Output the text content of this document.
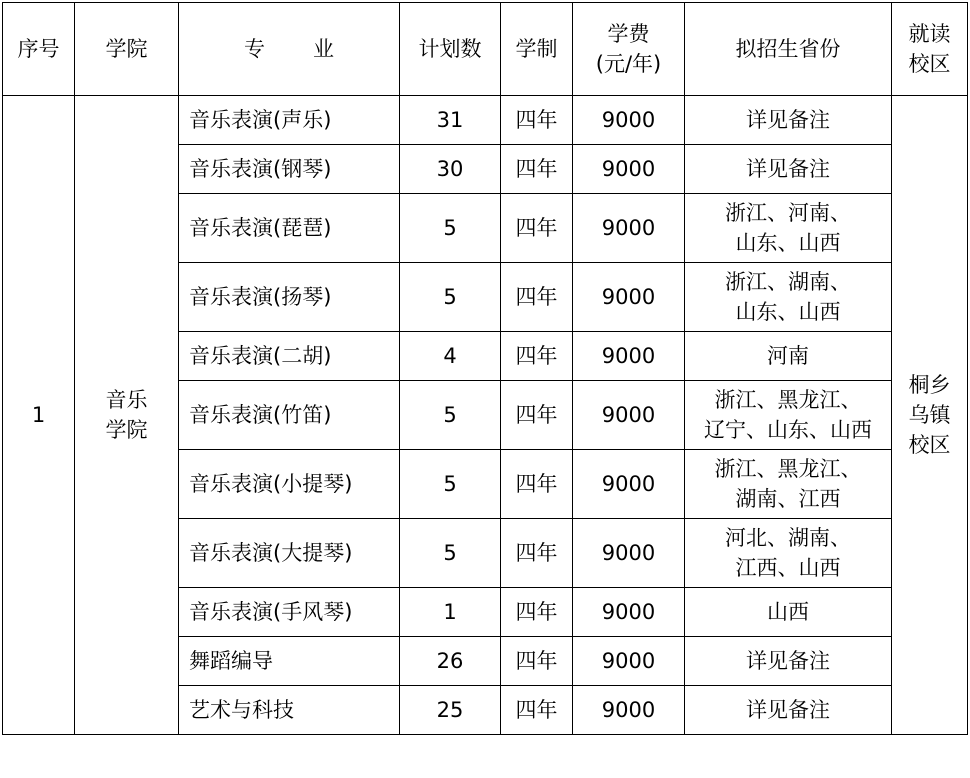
序号	学院	专 业	计划数	学制	学费
(元/年)	拟招生省份	就读
校区

1	音乐
学院	音乐表演(声乐)	31	四年	9000	详见备注	桐乡
乌镇
校区

		音乐表演(钢琴)	30	四年	9000	详见备注	

		音乐表演(琵琶)	5	四年	9000	浙江、河南、
山东、山西	

		音乐表演(扬琴)	5	四年	9000	浙江、湖南、
山东、山西	

		音乐表演(二胡)	4	四年	9000	河南	

		音乐表演(竹笛)	5	四年	9000	浙江、黑龙江、
辽宁、山东、山西	

		音乐表演(小提琴)	5	四年	9000	浙江、黑龙江、
湖南、江西	

		音乐表演(大提琴)	5	四年	9000	河北、湖南、
江西、山西	

		音乐表演(手风琴)	1	四年	9000	山西	

		舞蹈编导	26	四年	9000	详见备注	

		艺术与科技	25	四年	9000	详见备注	
